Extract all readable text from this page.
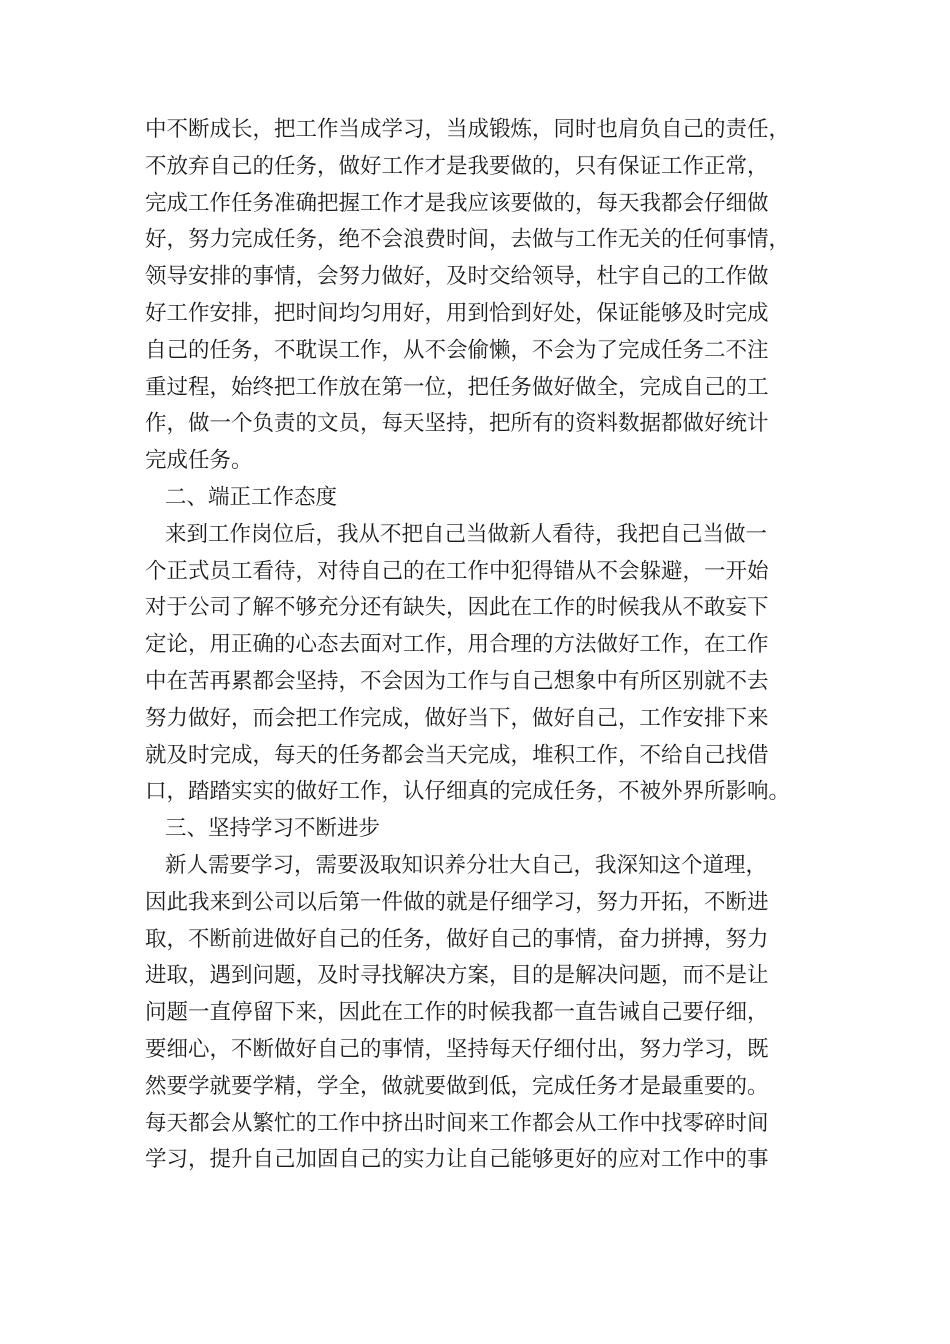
中不断成长，把工作当成学习，当成锻炼，同时也肩负自己的责任，
不放弃自己的任务，做好工作才是我要做的，只有保证工作正常，
完成工作任务准确把握工作才是我应该要做的，每天我都会仔细做
好，努力完成任务，绝不会浪费时间，去做与工作无关的任何事情，
领导安排的事情，会努力做好，及时交给领导，杜宇自己的工作做
好工作安排，把时间均匀用好，用到恰到好处，保证能够及时完成
自己的任务，不耽误工作，从不会偷懒，不会为了完成任务二不注
重过程，始终把工作放在第一位，把任务做好做全，完成自己的工
作，做一个负责的文员，每天坚持，把所有的资料数据都做好统计
完成任务。
二、端正工作态度
来到工作岗位后，我从不把自己当做新人看待，我把自己当做一
个正式员工看待，对待自己的在工作中犯得错从不会躲避，一开始
对于公司了解不够充分还有缺失，因此在工作的时候我从不敢妄下
定论，用正确的心态去面对工作，用合理的方法做好工作，在工作
中在苦再累都会坚持，不会因为工作与自己想象中有所区别就不去
努力做好，而会把工作完成，做好当下，做好自己，工作安排下来
就及时完成，每天的任务都会当天完成，堆积工作，不给自己找借
口，踏踏实实的做好工作，认仔细真的完成任务，不被外界所影响。
三、坚持学习不断进步
新人需要学习，需要汲取知识养分壮大自己，我深知这个道理，
因此我来到公司以后第一件做的就是仔细学习，努力开拓，不断进
取，不断前进做好自己的任务，做好自己的事情，奋力拼搏，努力
进取，遇到问题，及时寻找解决方案，目的是解决问题，而不是让
问题一直停留下来，因此在工作的时候我都一直告诫自己要仔细，
要细心，不断做好自己的事情，坚持每天仔细付出，努力学习，既
然要学就要学精，学全，做就要做到低，完成任务才是最重要的。
每天都会从繁忙的工作中挤出时间来工作都会从工作中找零碎时间
学习，提升自己加固自己的实力让自己能够更好的应对工作中的事
